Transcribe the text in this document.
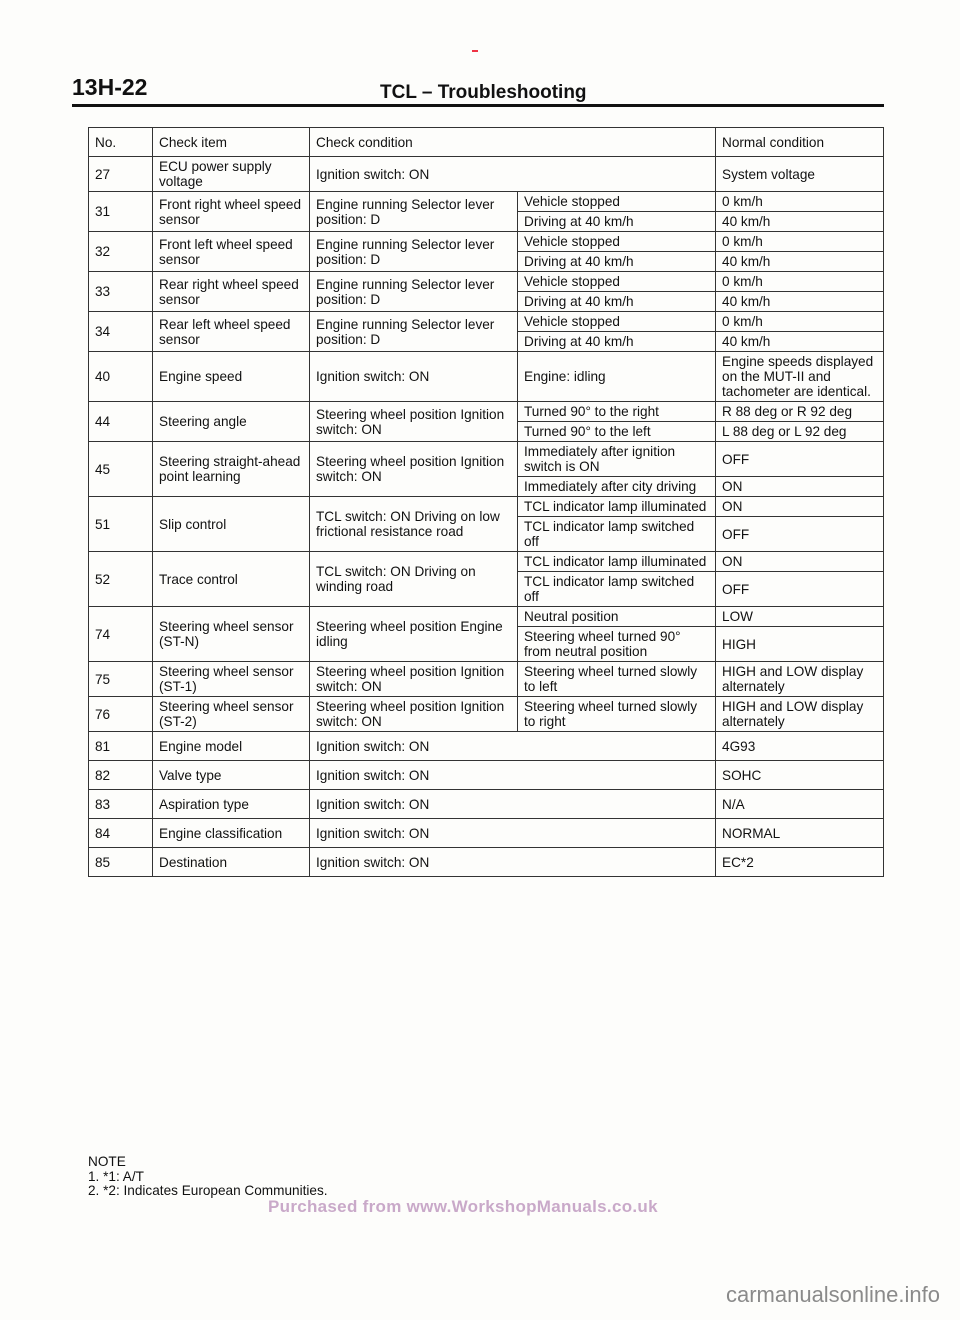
13H-22	TCL – Troubleshooting
No.	Check item	Check condition		Normal condition
27	ECU power supply voltage	Ignition switch: ON		System voltage
31	Front right wheel speed sensor	Engine running Selector lever position: D	Vehicle stopped	0 km/h
			Driving at 40 km/h	40 km/h
32	Front left wheel speed sensor	Engine running Selector lever position: D	Vehicle stopped	0 km/h
			Driving at 40 km/h	40 km/h
33	Rear right wheel speed sensor	Engine running Selector lever position: D	Vehicle stopped	0 km/h
			Driving at 40 km/h	40 km/h
34	Rear left wheel speed sensor	Engine running Selector lever position: D	Vehicle stopped	0 km/h
			Driving at 40 km/h	40 km/h
40	Engine speed	Ignition switch: ON	Engine: idling	Engine speeds displayed on the MUT-II and tachometer are identical.
44	Steering angle	Steering wheel position Ignition switch: ON	Turned 90° to the right	R 88 deg or R 92 deg
			Turned 90° to the left	L 88 deg or L 92 deg
45	Steering straight-ahead point learning	Steering wheel position Ignition switch: ON	Immediately after ignition switch is ON	OFF
			Immediately after city driving	ON
51	Slip control	TCL switch: ON Driving on low frictional resistance road	TCL indicator lamp illuminated	ON
			TCL indicator lamp switched off	OFF
52	Trace control	TCL switch: ON Driving on winding road	TCL indicator lamp illuminated	ON
			TCL indicator lamp switched off	OFF
74	Steering wheel sensor (ST-N)	Steering wheel position Engine idling	Neutral position	LOW
			Steering wheel turned 90° from neutral position	HIGH
75	Steering wheel sensor (ST-1)	Steering wheel position Ignition switch: ON	Steering wheel turned slowly to left	HIGH and LOW display alternately
76	Steering wheel sensor (ST-2)	Steering wheel position Ignition switch: ON	Steering wheel turned slowly to right	HIGH and LOW display alternately
81	Engine model	Ignition switch: ON		4G93
82	Valve type	Ignition switch: ON		SOHC
83	Aspiration type	Ignition switch: ON		N/A
84	Engine classification	Ignition switch: ON		NORMAL
85	Destination	Ignition switch: ON		EC*2
NOTE
1. *1: A/T
2. *2: Indicates European Communities.
Purchased from www.WorkshopManuals.co.uk
carmanualsonline.info
